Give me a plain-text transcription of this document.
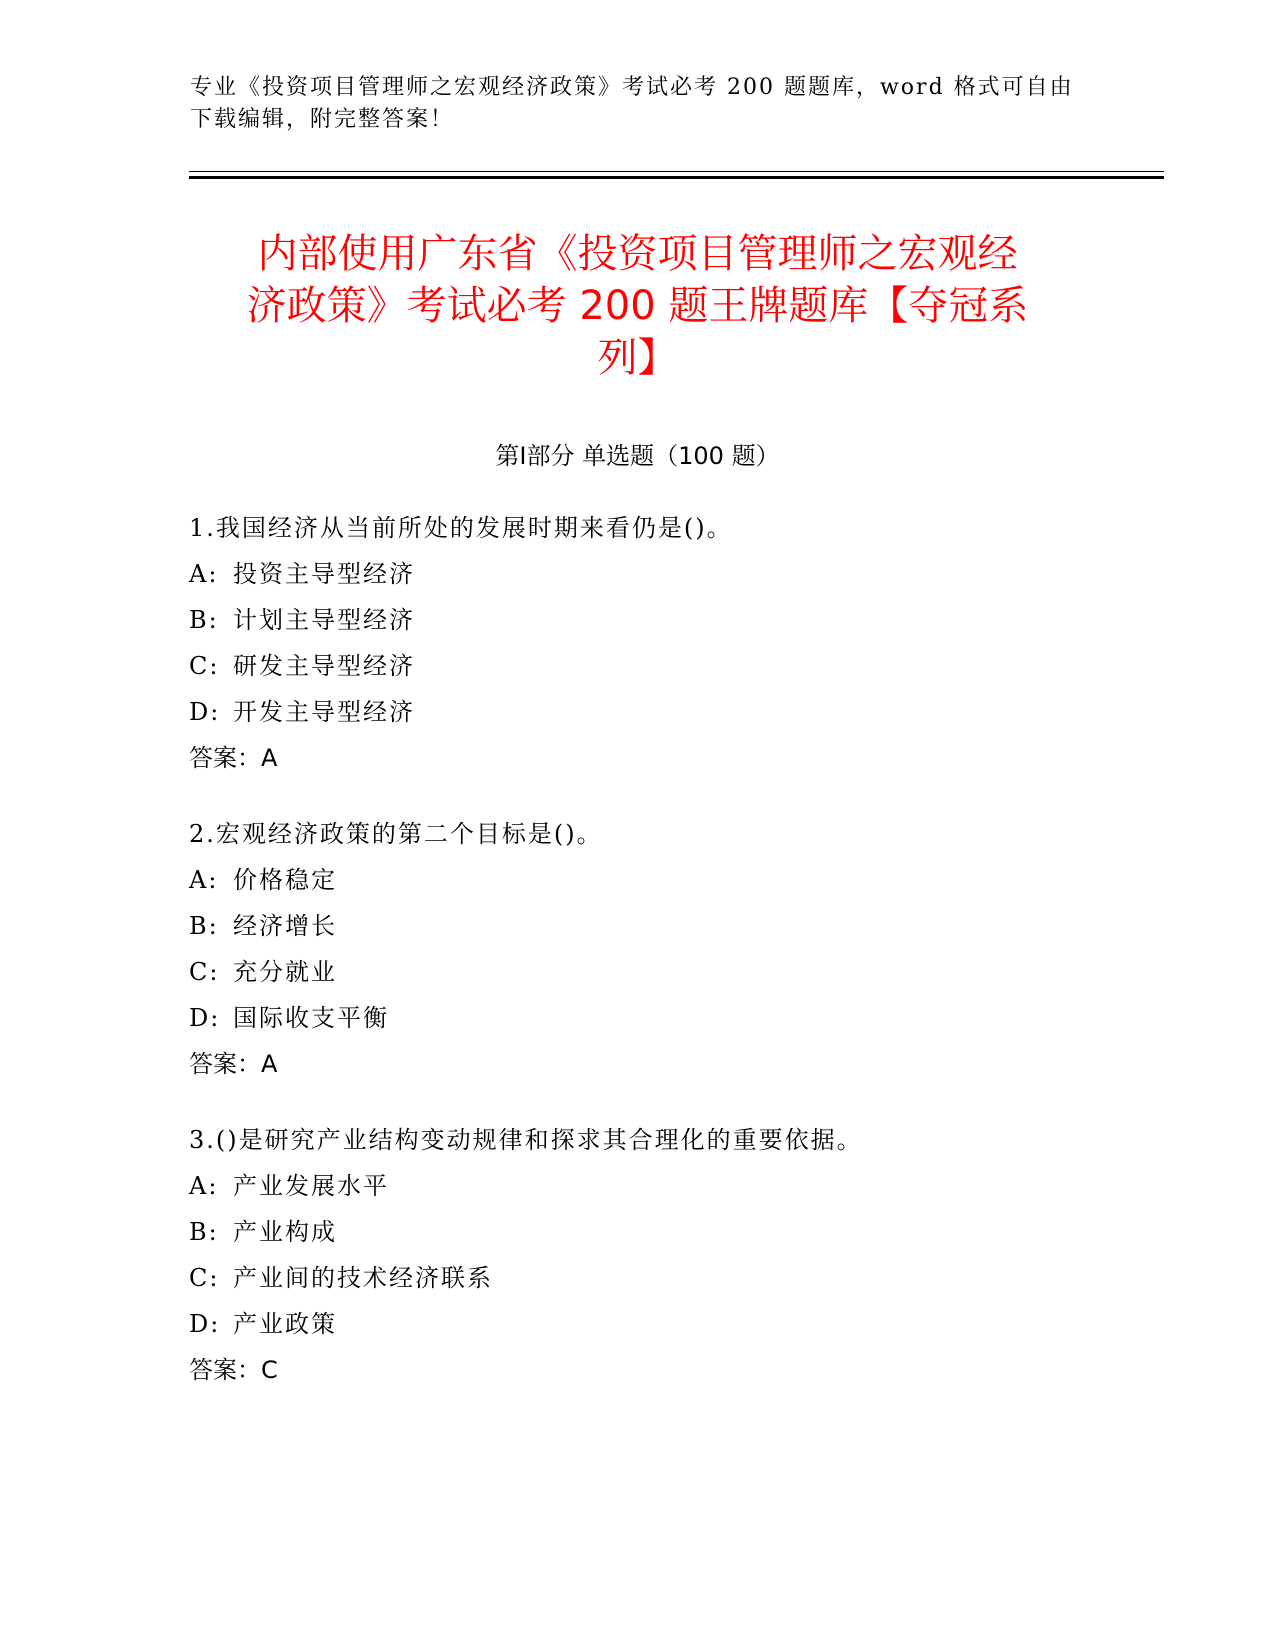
专业《投资项目管理师之宏观经济政策》考试必考 200 题题库，word 格式可自由
下载编辑，附完整答案！
内部使用广东省《投资项目管理师之宏观经
济政策》考试必考 200 题王牌题库【夺冠系
列】
第Ⅰ部分 单选题（100 题）
1.我国经济从当前所处的发展时期来看仍是()。
A: 投资主导型经济
B: 计划主导型经济
C: 研发主导型经济
D: 开发主导型经济
答案：A
2.宏观经济政策的第二个目标是()。
A: 价格稳定
B: 经济增长
C: 充分就业
D: 国际收支平衡
答案：A
3.()是研究产业结构变动规律和探求其合理化的重要依据。
A: 产业发展水平
B: 产业构成
C: 产业间的技术经济联系
D: 产业政策
答案：C
